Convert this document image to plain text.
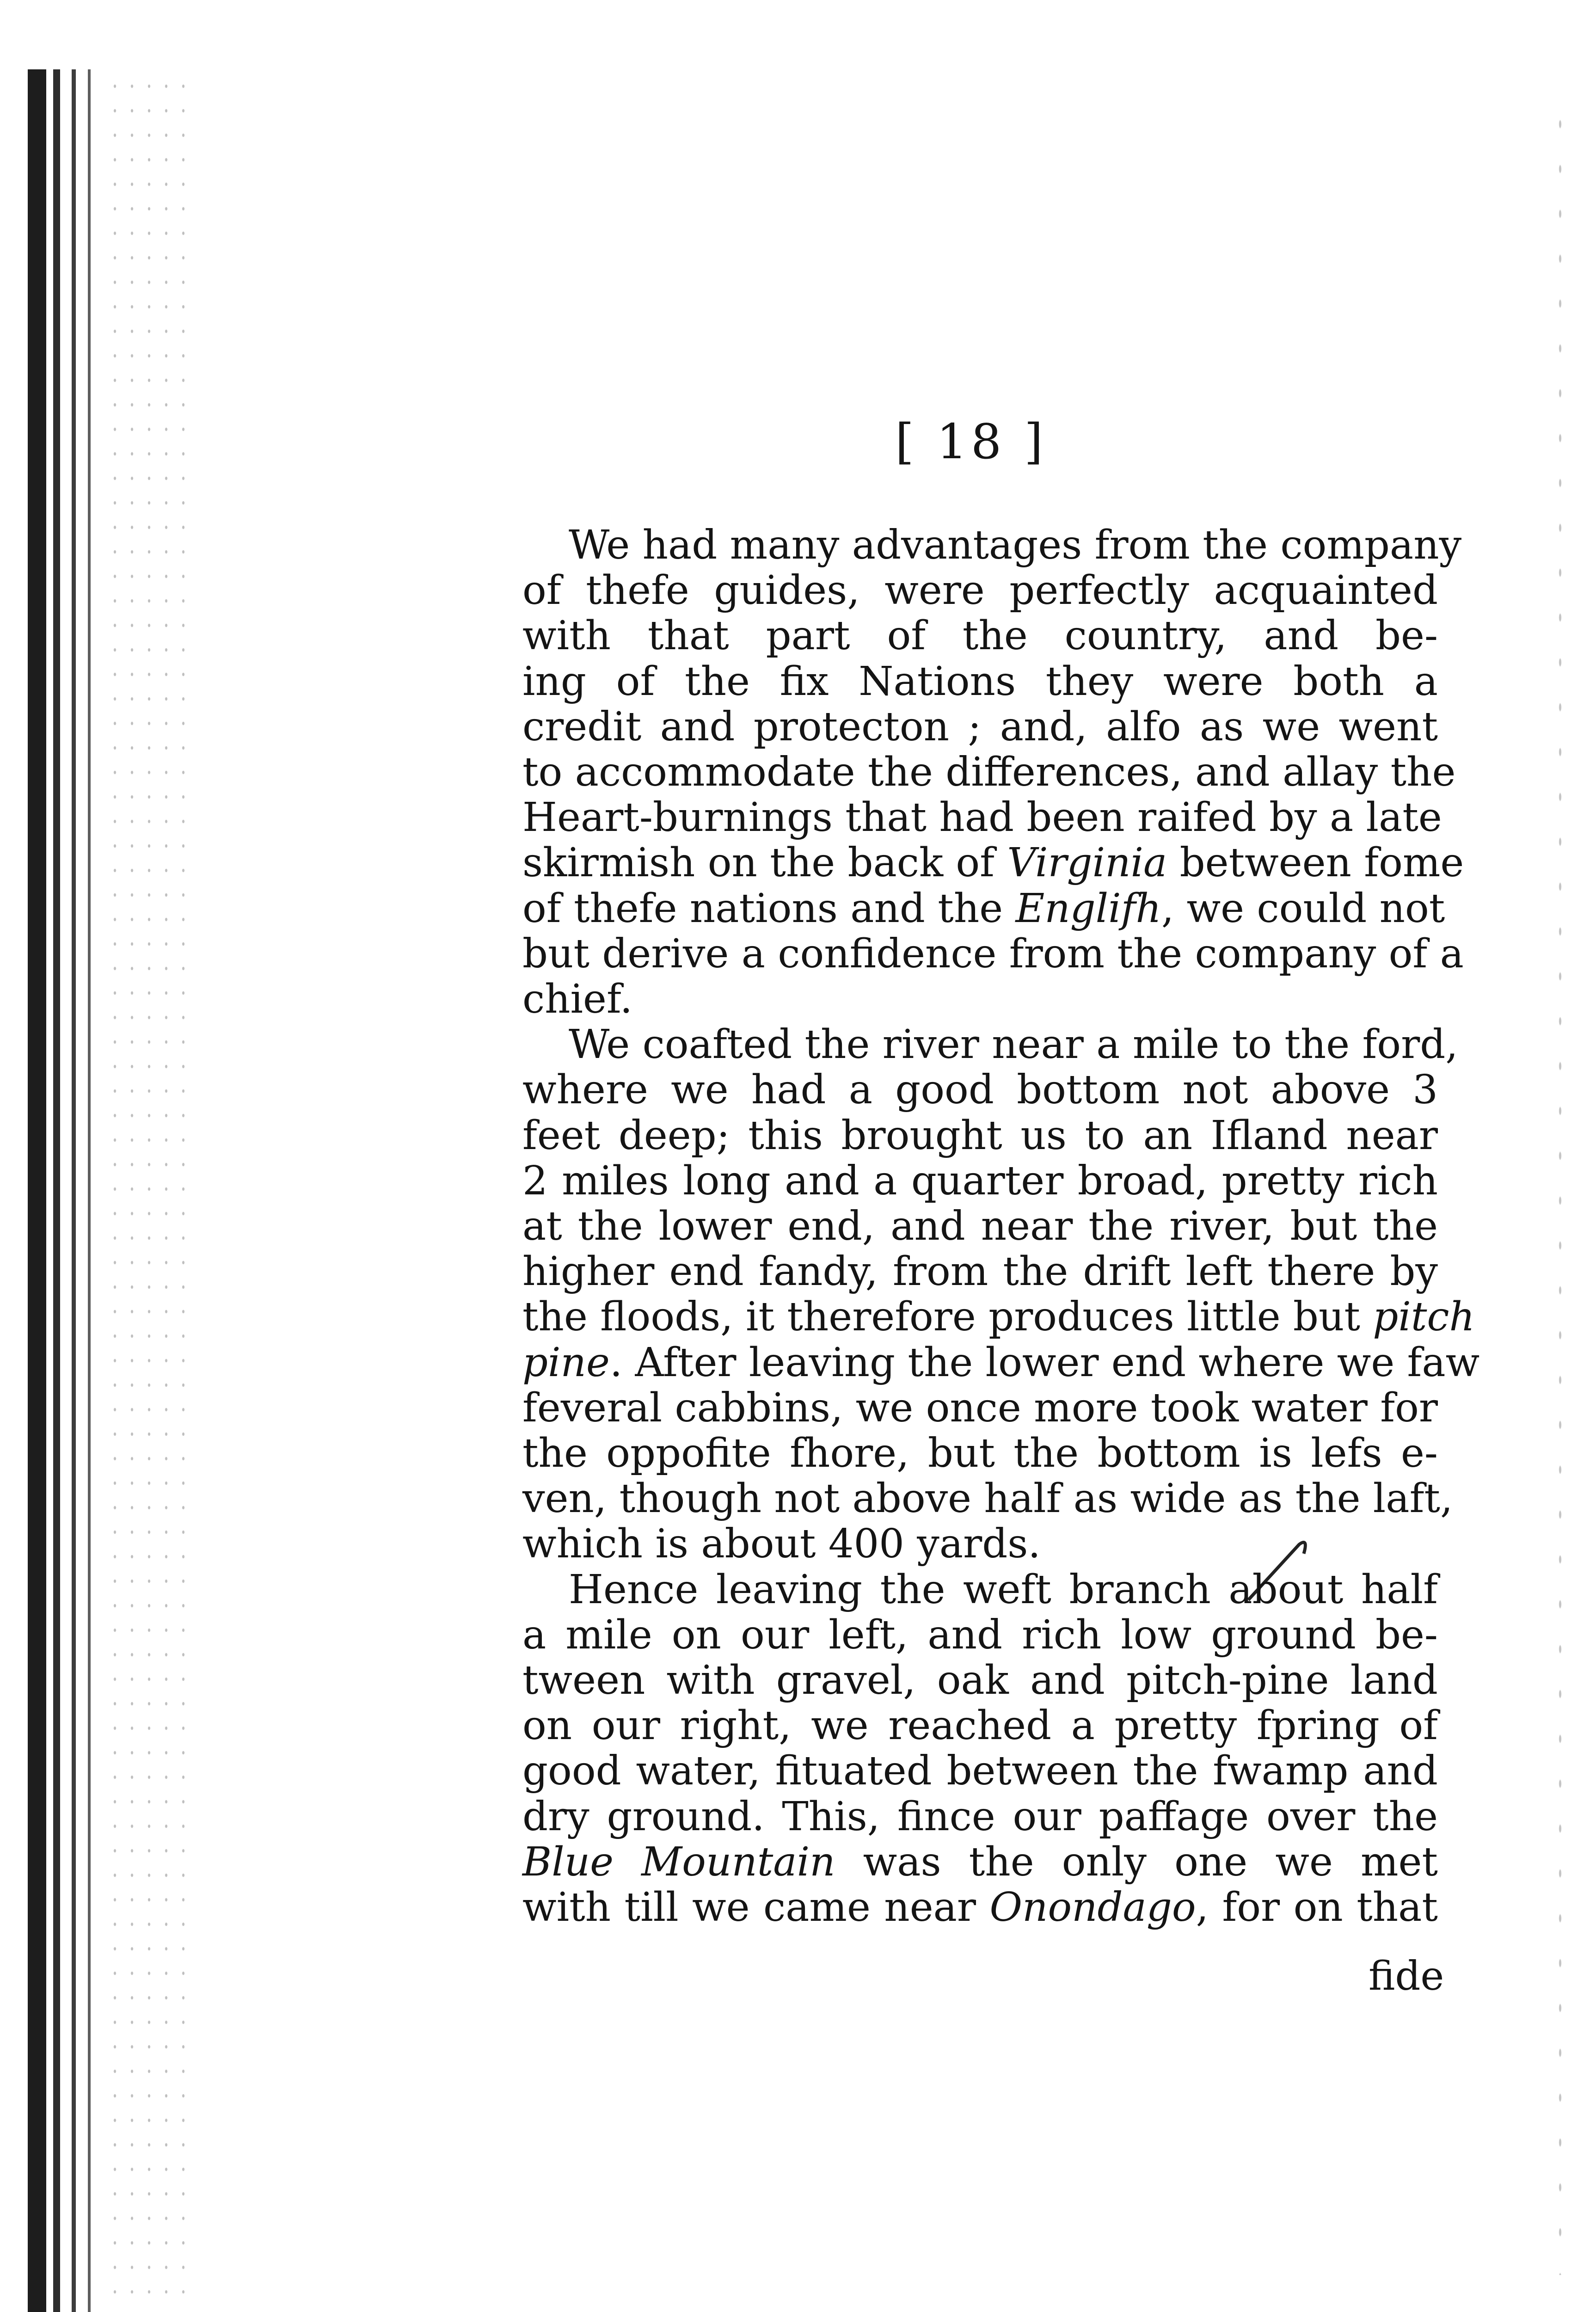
[ 18 ]
We had many advantages from the company
of thefe guides, were perfectly acquainted
with that part of the country, and be-
ing of the fix Nations they were both a
credit and protecton ; and, alfo as we went
to accommodate the differences, and allay the
Heart-burnings that had been raifed by a late
skirmish on the back of Virginia between fome
of thefe nations and the Englifh, we could not
but derive a confidence from the company of a
chief.
We coafted the river near a mile to the ford,
where we had a good bottom not above 3
feet deep; this brought us to an Ifland near
2 miles long and a quarter broad, pretty rich
at the lower end, and near the river, but the
higher end fandy, from the drift left there by
the floods, it therefore produces little but pitch
pine. After leaving the lower end where we faw
feveral cabbins, we once more took water for
the oppofite fhore, but the bottom is lefs e-
ven, though not above half as wide as the laft,
which is about 400 yards.
Hence leaving the weft branch about half
a mile on our left, and rich low ground be-
tween with gravel, oak and pitch-pine land
on our right, we reached a pretty fpring of
good water, fituated between the fwamp and
dry ground. This, fince our paffage over the
Blue Mountain was the only one we met
with till we came near Onondago, for on that
fide
